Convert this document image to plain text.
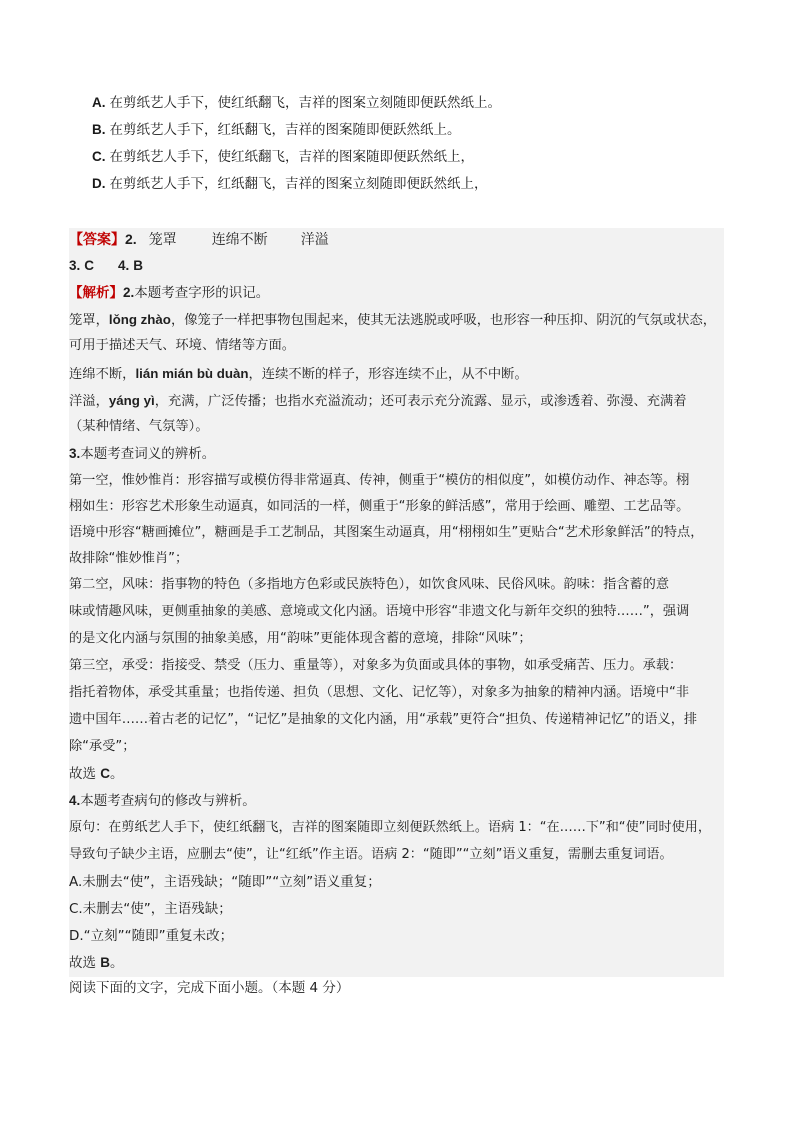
A. 在剪纸艺人手下，使红纸翻飞，吉祥的图案立刻随即便跃然纸上。
B. 在剪纸艺人手下，红纸翻飞，吉祥的图案随即便跃然纸上。
C. 在剪纸艺人手下，使红纸翻飞，吉祥的图案随即便跃然纸上，
D. 在剪纸艺人手下，红纸翻飞，吉祥的图案立刻随即便跃然纸上，
【答案】2. 笼罩	连绵不断 洋溢
3. C 4. B
【解析】2.本题考查字形的识记。
笼罩，lǒng zhào，像笼子一样把事物包围起来，使其无法逃脱或呼吸，也形容一种压抑、阴沉的气氛或状态，
可用于描述天气、环境、情绪等方面。
连绵不断，lián mián bù duàn，连续不断的样子，形容连续不止，从不中断。
洋溢，yáng yì，充满，广泛传播；也指水充溢流动；还可表示充分流露、显示，或渗透着、弥漫、充满着
（某种情绪、气氛等）。
3.本题考查词义的辨析。
第一空，惟妙惟肖：形容描写或模仿得非常逼真、传神，侧重于“模仿的相似度”，如模仿动作、神态等。栩
栩如生：形容艺术形象生动逼真，如同活的一样，侧重于“形象的鲜活感”，常用于绘画、雕塑、工艺品等。
语境中形容“糖画摊位”，糖画是手工艺制品，其图案生动逼真，用“栩栩如生”更贴合“艺术形象鲜活”的特点，
故排除“惟妙惟肖”；
第二空，风味：指事物的特色（多指地方色彩或民族特色），如饮食风味、民俗风味。韵味：指含蓄的意
味或情趣风味，更侧重抽象的美感、意境或文化内涵。语境中形容“非遗文化与新年交织的独特……”，强调
的是文化内涵与氛围的抽象美感，用“韵味”更能体现含蓄的意境，排除“风味”；
第三空，承受：指接受、禁受（压力、重量等），对象多为负面或具体的事物，如承受痛苦、压力。承载：
指托着物体，承受其重量；也指传递、担负（思想、文化、记忆等），对象多为抽象的精神内涵。语境中“非
遗中国年……着古老的记忆”，“记忆”是抽象的文化内涵，用“承载”更符合“担负、传递精神记忆”的语义，排
除“承受”；
故选 C。
4.本题考查病句的修改与辨析。
原句：在剪纸艺人手下，使红纸翻飞，吉祥的图案随即立刻便跃然纸上。语病 1：“在……下”和“使”同时使用，
导致句子缺少主语，应删去“使”，让“红纸”作主语。语病 2：“随即”“立刻”语义重复，需删去重复词语。
A.未删去“使”，主语残缺；“随即”“立刻”语义重复；
C.未删去“使”，主语残缺；
D.“立刻”“随即”重复未改；
故选 B。
阅读下面的文字，完成下面小题。（本题 4 分）
